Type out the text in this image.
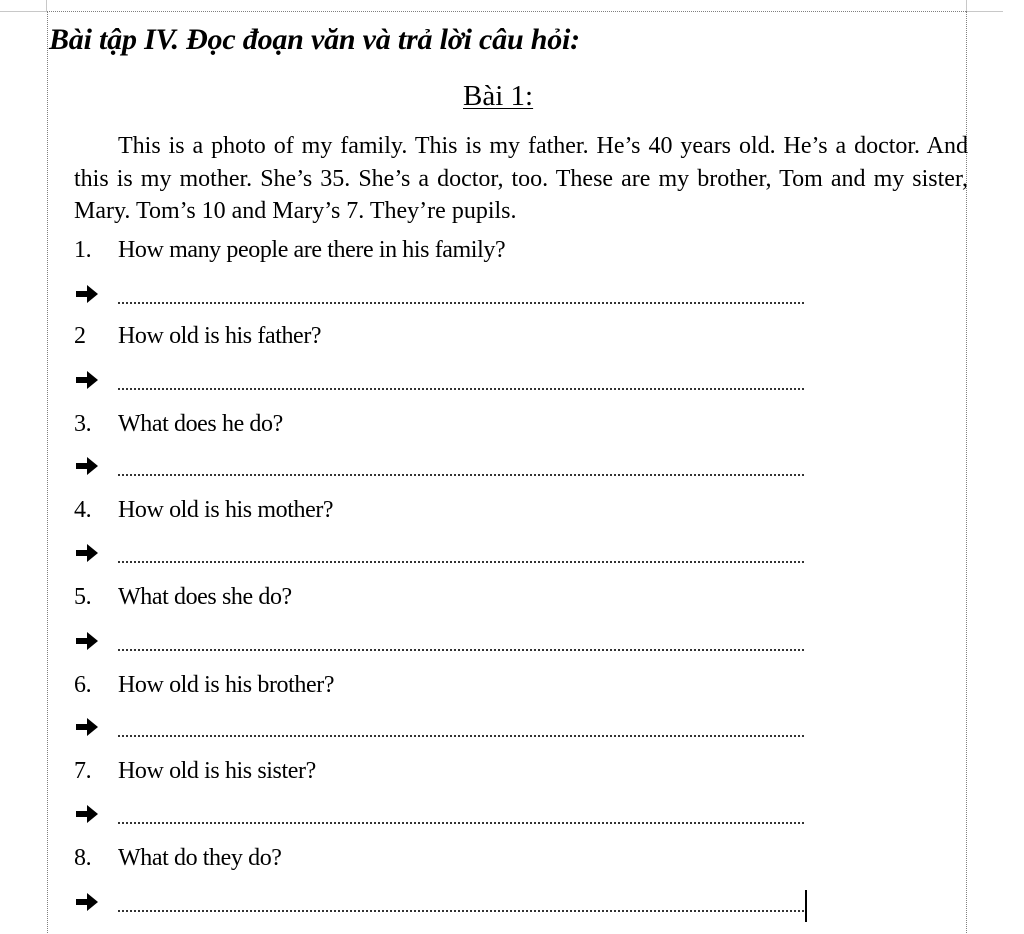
Bài tập IV. Đọc đoạn văn và trả lời câu hỏi:
Bài 1:

This is a photo of my family. This is my father. He’s 40 years old. He’s a doctor. And this is my mother. She’s 35. She’s a doctor, too. These are my brother, Tom and my sister, Mary. Tom’s 10 and Mary’s 7. They’re pupils.

1. How many people are there in his family?
2 How old is his father?
3. What does he do?
4. How old is his mother?
5. What does she do?
6. How old is his brother?
7. How old is his sister?
8. What do they do?
